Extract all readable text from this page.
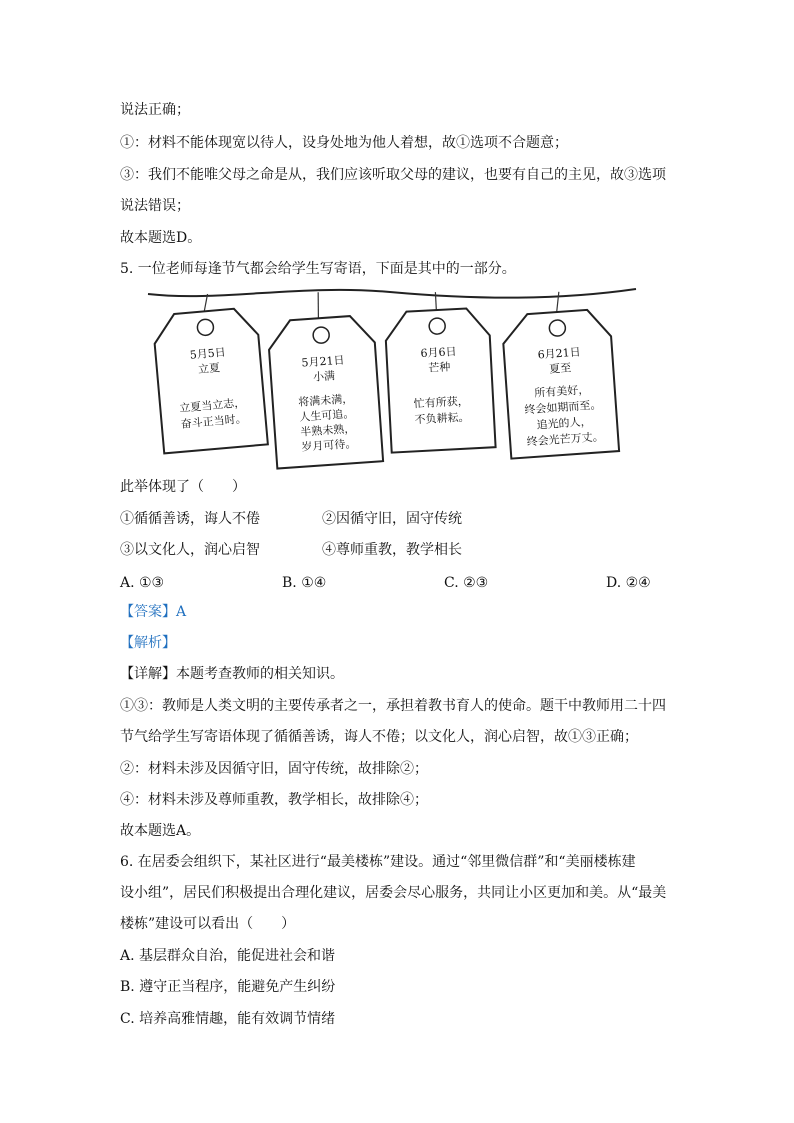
说法正确；
①：材料不能体现宽以待人，设身处地为他人着想，故①选项不合题意；
③：我们不能唯父母之命是从，我们应该听取父母的建议，也要有自己的主见，故③选项
说法错误；
故本题选D。
5. 一位老师每逢节气都会给学生写寄语，下面是其中的一部分。
5月5日
立夏
立夏当立志，
奋斗正当时。
5月21日
小满
将满未满，
人生可追。
半熟未熟，
岁月可待。
6月6日
芒种
忙有所获，
不负耕耘。
6月21日
夏至
所有美好，
终会如期而至。
追光的人，
终会光芒万丈。
此举体现了（　　）
①循循善诱，诲人不倦	②因循守旧，固守传统
③以文化人，润心启智	④尊师重教，教学相长
A. ①③	B. ①④	C. ②③	D. ②④
【答案】A
【解析】
【详解】本题考查教师的相关知识。
①③：教师是人类文明的主要传承者之一，承担着教书育人的使命。题干中教师用二十四
节气给学生写寄语体现了循循善诱，诲人不倦；以文化人，润心启智，故①③正确；
②：材料未涉及因循守旧，固守传统，故排除②；
④：材料未涉及尊师重教，教学相长，故排除④；
故本题选A。
6. 在居委会组织下，某社区进行“最美楼栋”建设。通过“邻里微信群”和“美丽楼栋建
设小组”，居民们积极提出合理化建议，居委会尽心服务，共同让小区更加和美。从“最美
楼栋”建设可以看出（　　）
A. 基层群众自治，能促进社会和谐
B. 遵守正当程序，能避免产生纠纷
C. 培养高雅情趣，能有效调节情绪
